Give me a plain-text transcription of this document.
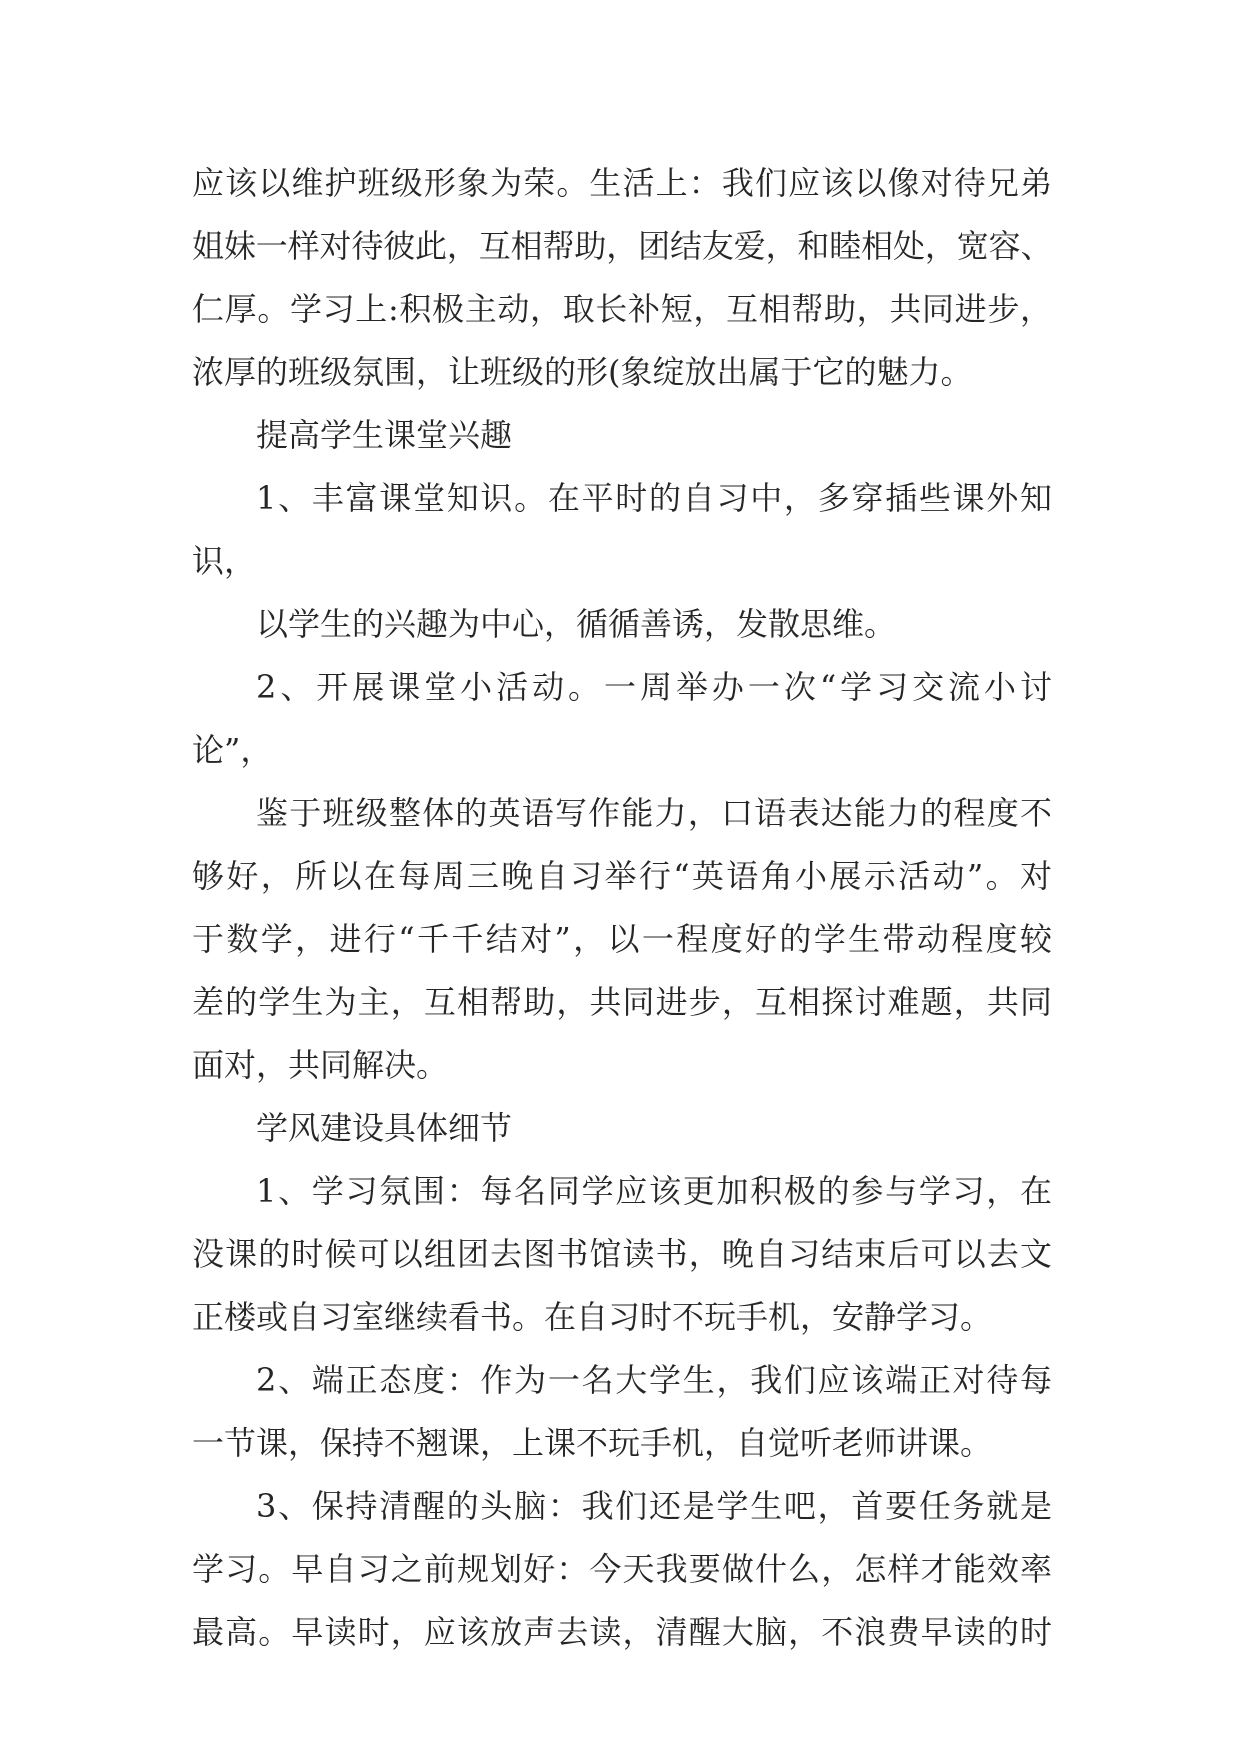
应该以维护班级形象为荣。生活上：我们应该以像对待兄弟
姐妹一样对待彼此，互相帮助，团结友爱，和睦相处，宽容、
仁厚。学习上:积极主动，取长补短，互相帮助，共同进步，
浓厚的班级氛围，让班级的形(象绽放出属于它的魅力。
提高学生课堂兴趣
1、丰富课堂知识。在平时的自习中，多穿插些课外知
识，
以学生的兴趣为中心，循循善诱，发散思维。
2、开展课堂小活动。一周举办一次“学习交流小讨
论”，
鉴于班级整体的英语写作能力，口语表达能力的程度不
够好，所以在每周三晚自习举行“英语角小展示活动”。对
于数学，进行“千千结对”，以一程度好的学生带动程度较
差的学生为主，互相帮助，共同进步，互相探讨难题，共同
面对，共同解决。
学风建设具体细节
1、学习氛围：每名同学应该更加积极的参与学习，在
没课的时候可以组团去图书馆读书，晚自习结束后可以去文
正楼或自习室继续看书。在自习时不玩手机，安静学习。
2、端正态度：作为一名大学生，我们应该端正对待每
一节课，保持不翘课，上课不玩手机，自觉听老师讲课。
3、保持清醒的头脑：我们还是学生吧，首要任务就是
学习。早自习之前规划好：今天我要做什么，怎样才能效率
最高。早读时，应该放声去读，清醒大脑，不浪费早读的时
